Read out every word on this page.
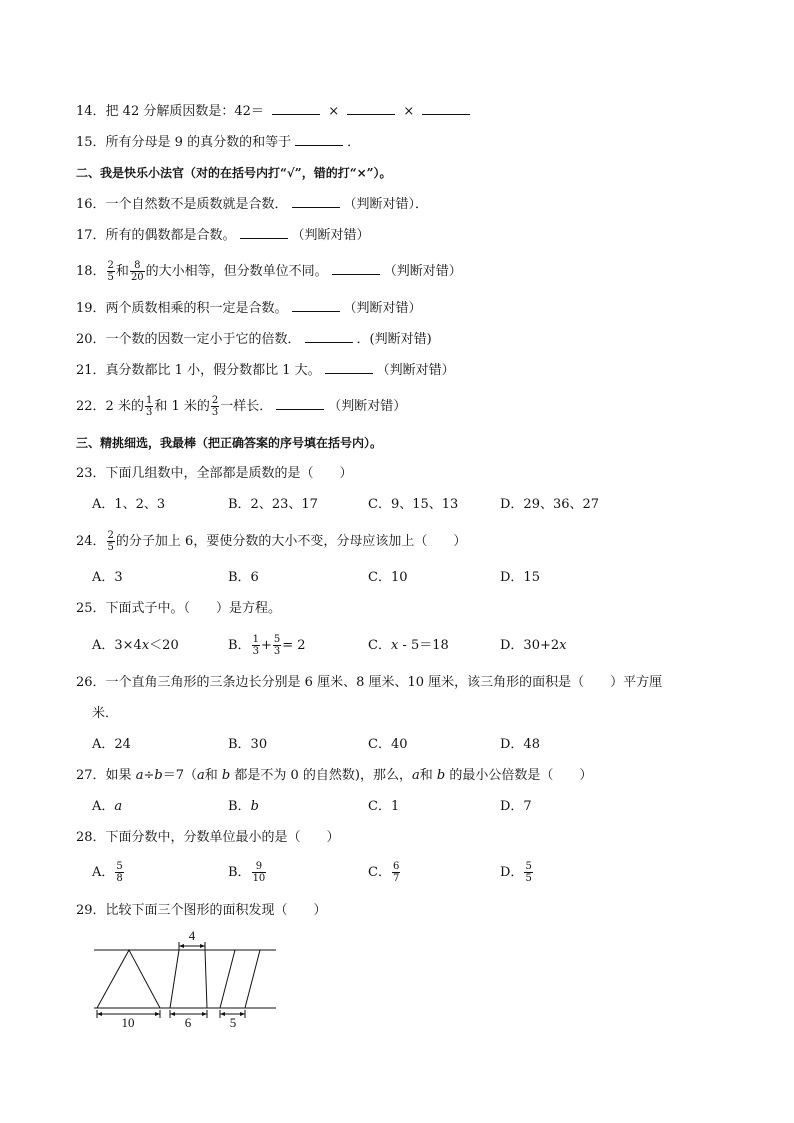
14．把 42 分解质因数是：42＝	×	×
15．所有分母是 9 的真分数的和等于	．
二、我是快乐小法官（对的在括号内打“√”，错的打“×”）。
16．一个自然数不是质数就是合数．	（判断对错）．
17．所有的偶数都是合数。	（判断对错）
18． $\frac{2}{5}$ 和 $\frac{8}{20}$ 的大小相等，但分数单位不同。	（判断对错）
19．两个质数相乘的积一定是合数。	（判断对错）
20．一个数的因数一定小于它的倍数．	．(判断对错)
21．真分数都比 1 小，假分数都比 1 大。	（判断对错）
22．2 米的 $\frac{1}{3}$ 和 1 米的 $\frac{2}{3}$ 一样长．	（判断对错）
三、精挑细选，我最棒（把正确答案的序号填在括号内）。
23．下面几组数中，全部都是质数的是（　　）
A．1、2、3	B．2、23、17	C．9、15、13	D．29、36、27
24． $\frac{2}{5}$ 的分子加上 6，要使分数的大小不变，分母应该加上（　　）
A．3	B．6	C．10	D．15
25．下面式子中。（　　）是方程。
A．3×4x＜20	B． $\frac{1}{3} + \frac{5}{3} = 2$	C．x - 5＝18	D．30+2x
26．一个直角三角形的三条边长分别是 6 厘米、8 厘米、10 厘米，该三角形的面积是（　　）平方厘
米．
A．24	B．30	C．40	D．48
27．如果 a÷b＝7（a和 b 都是不为 0 的自然数)，那么，a和 b 的最小公倍数是（　　）
A．a	B．b	C．1	D．7
28．下面分数中，分数单位最小的是（　　）
A． $\frac{5}{8}$	B． $\frac{9}{10}$	C． $\frac{6}{7}$	D． $\frac{5}{5}$
29．比较下面三个图形的面积发现（　　）
4
10	6	5
